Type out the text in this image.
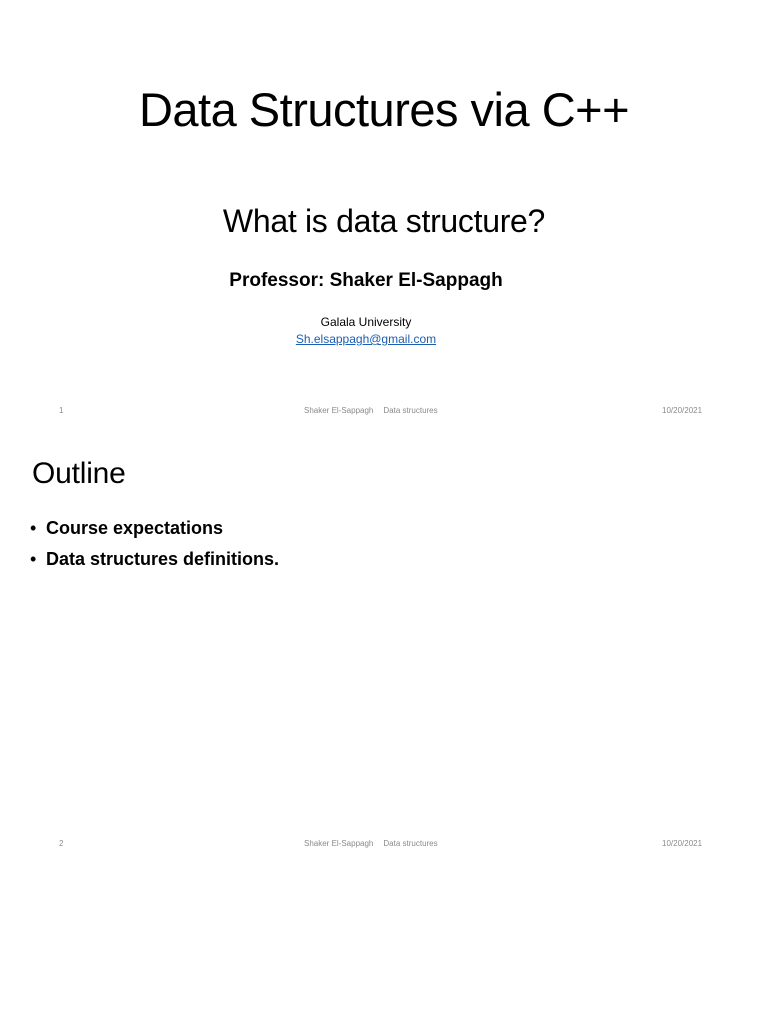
Data Structures via C++
What is data structure?
Professor: Shaker El-Sappagh
Galala University
Sh.elsappagh@gmail.com
1	Shaker El-Sappagh Data structures	10/20/2021
Outline
• Course expectations
• Data structures definitions.
2	Shaker El-Sappagh Data structures	10/20/2021
